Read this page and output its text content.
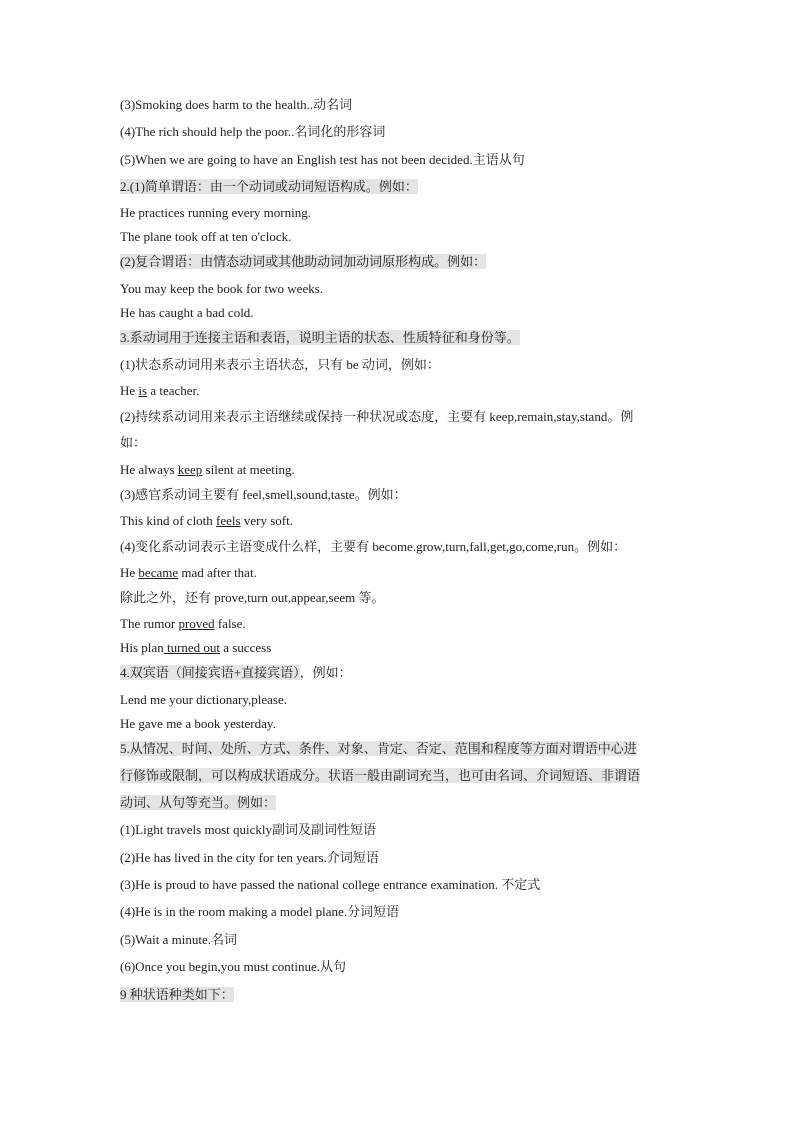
(3)Smoking does harm to the health..动名词
(4)The rich should help the poor..名词化的形容词
(5)When we are going to have an English test has not been decided.主语从句
2.(1)简单谓语：由一个动词或动词短语构成。例如：
He practices running every morning.
The plane took off at ten o'clock.
(2)复合谓语：由情态动词或其他助动词加动词原形构成。例如：
You may keep the book for two weeks.
He has caught a bad cold.
3.系动词用于连接主语和表语，说明主语的状态、性质特征和身份等。
(1)状态系动词用来表示主语状态，只有 be 动词，例如：
He is a teacher.
(2)持续系动词用来表示主语继续或保持一种状况或态度，主要有 keep,remain,stay,stand。例
如：
He always keep silent at meeting.
(3)感官系动词主要有 feel,smell,sound,taste。例如：
This kind of cloth feels very soft.
(4)变化系动词表示主语变成什么样，主要有 become.grow,turn,fall,get,go,come,run。例如：
He became mad after that.
除此之外，还有 prove,turn out,appear,seem 等。
The rumor proved false.
His plan turned out a success
4.双宾语（间接宾语+直接宾语），例如：
Lend me your dictionary,please.
He gave me a book yesterday.
5.从情况、时间、处所、方式、条件、对象、肯定、否定、范围和程度等方面对谓语中心进
行修饰或限制，可以构成状语成分。状语一般由副词充当，也可由名词、介词短语、非谓语
动词、从句等充当。例如：
(1)Light travels most quickly副词及副词性短语
(2)He has lived in the city for ten years.介词短语
(3)He is proud to have passed the national college entrance examination. 不定式
(4)He is in the room making a model plane.分词短语
(5)Wait a minute.名词
(6)Once you begin,you must continue.从句
9 种状语种类如下：
